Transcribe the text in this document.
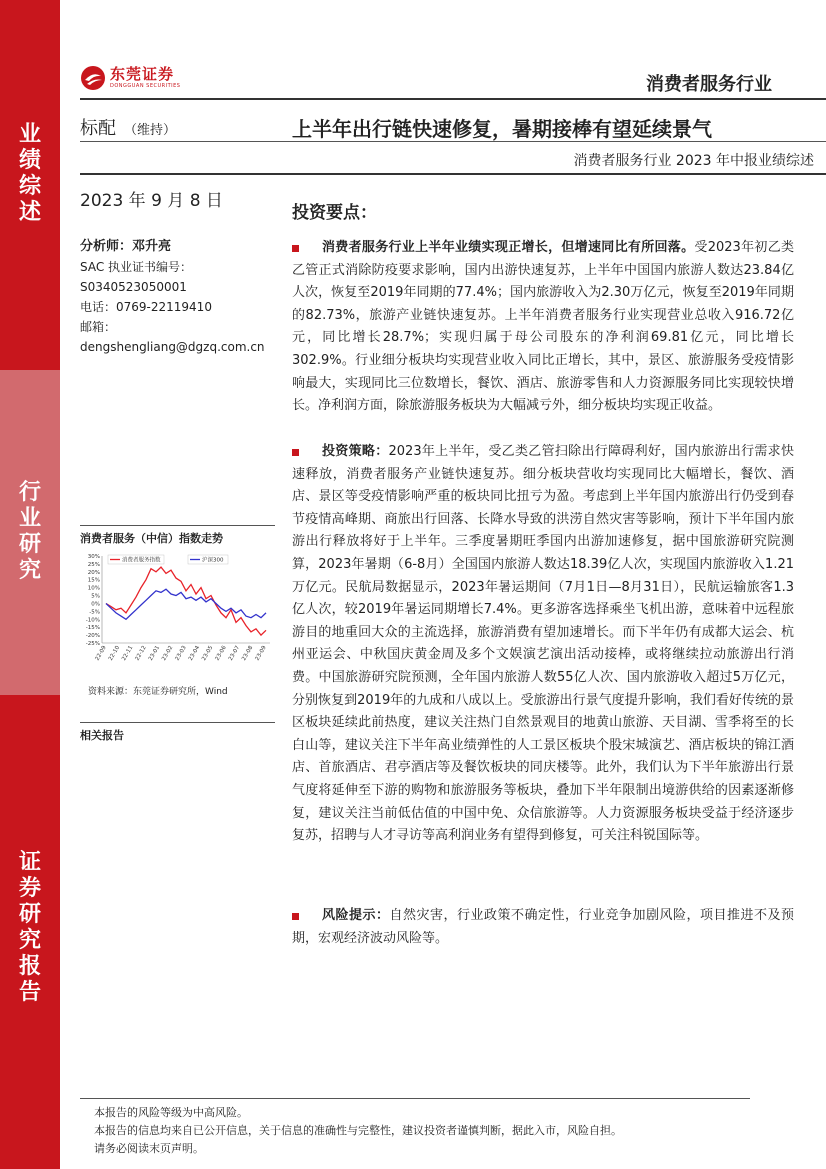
业绩综述
行业研究
证券研究报告
东莞证券
DONGGUAN SECURITIES	消费者服务行业
标配 （维持）	上半年出行链快速修复，暑期接棒有望延续景气
消费者服务行业 2023 年中报业绩综述
2023 年 9 月 8 日
投资要点：
分析师：邓升亮
SAC 执业证书编号：
S0340523050001
电话：0769-22119410
邮箱：
dengshengliang@dgzq.com.cn
消费者服务（中信）指数走势
30%
25%
20%
15%
10%
5%
0%
-5%
-10%
-15%
-20%
-25%
22-09 22-10 22-11 22-12 23-01 23-02 23-03 23-04 23-05 23-06 23-07 23-08 23-09
消费者服务指数	沪深300
资料来源：东莞证券研究所，Wind
相关报告
消费者服务行业上半年业绩实现正增长，但增速同比有所回落。受2023年初乙类乙管正式消除防疫要求影响，国内出游快速复苏，上半年中国国内旅游人数达23.84亿人次，恢复至2019年同期的77.4%；国内旅游收入为2.30万亿元，恢复至2019年同期的82.73%，旅游产业链快速复苏。上半年消费者服务行业实现营业总收入916.72亿元，同比增长28.7%；实现归属于母公司股东的净利润69.81亿元，同比增长302.9%。行业细分板块均实现营业收入同比正增长，其中，景区、旅游服务受疫情影响最大，实现同比三位数增长，餐饮、酒店、旅游零售和人力资源服务同比实现较快增长。净利润方面，除旅游服务板块为大幅减亏外，细分板块均实现正收益。
投资策略：2023年上半年，受乙类乙管扫除出行障碍利好，国内旅游出行需求快速释放，消费者服务产业链快速复苏。细分板块营收均实现同比大幅增长，餐饮、酒店、景区等受疫情影响严重的板块同比扭亏为盈。考虑到上半年国内旅游出行仍受到春节疫情高峰期、商旅出行回落、长降水导致的洪涝自然灾害等影响，预计下半年国内旅游出行释放将好于上半年。三季度暑期旺季国内出游加速修复，据中国旅游研究院测算，2023年暑期（6-8月）全国国内旅游人数达18.39亿人次，实现国内旅游收入1.21万亿元。民航局数据显示，2023年暑运期间（7月1日—8月31日），民航运输旅客1.3亿人次，较2019年暑运同期增长7.4%。更多游客选择乘坐飞机出游，意味着中远程旅游目的地重回大众的主流选择，旅游消费有望加速增长。而下半年仍有成都大运会、杭州亚运会、中秋国庆黄金周及多个文娱演艺演出活动接棒，或将继续拉动旅游出行消费。中国旅游研究院预测，全年国内旅游人数55亿人次、国内旅游收入超过5万亿元，分别恢复到2019年的九成和八成以上。受旅游出行景气度提升影响，我们看好传统的景区板块延续此前热度，建议关注热门自然景观目的地黄山旅游、天目湖、雪季将至的长白山等，建议关注下半年高业绩弹性的人工景区板块个股宋城演艺、酒店板块的锦江酒店、首旅酒店、君亭酒店等及餐饮板块的同庆楼等。此外，我们认为下半年旅游出行景气度将延伸至下游的购物和旅游服务等板块，叠加下半年限制出境游供给的因素逐渐修复，建议关注当前低估值的中国中免、众信旅游等。人力资源服务板块受益于经济逐步复苏，招聘与人才寻访等高利润业务有望得到修复，可关注科锐国际等。
风险提示：自然灾害，行业政策不确定性，行业竞争加剧风险，项目推进不及预期，宏观经济波动风险等。
本报告的风险等级为中高风险。
本报告的信息均来自已公开信息，关于信息的准确性与完整性，建议投资者谨慎判断，据此入市，风险自担。
请务必阅读末页声明。
